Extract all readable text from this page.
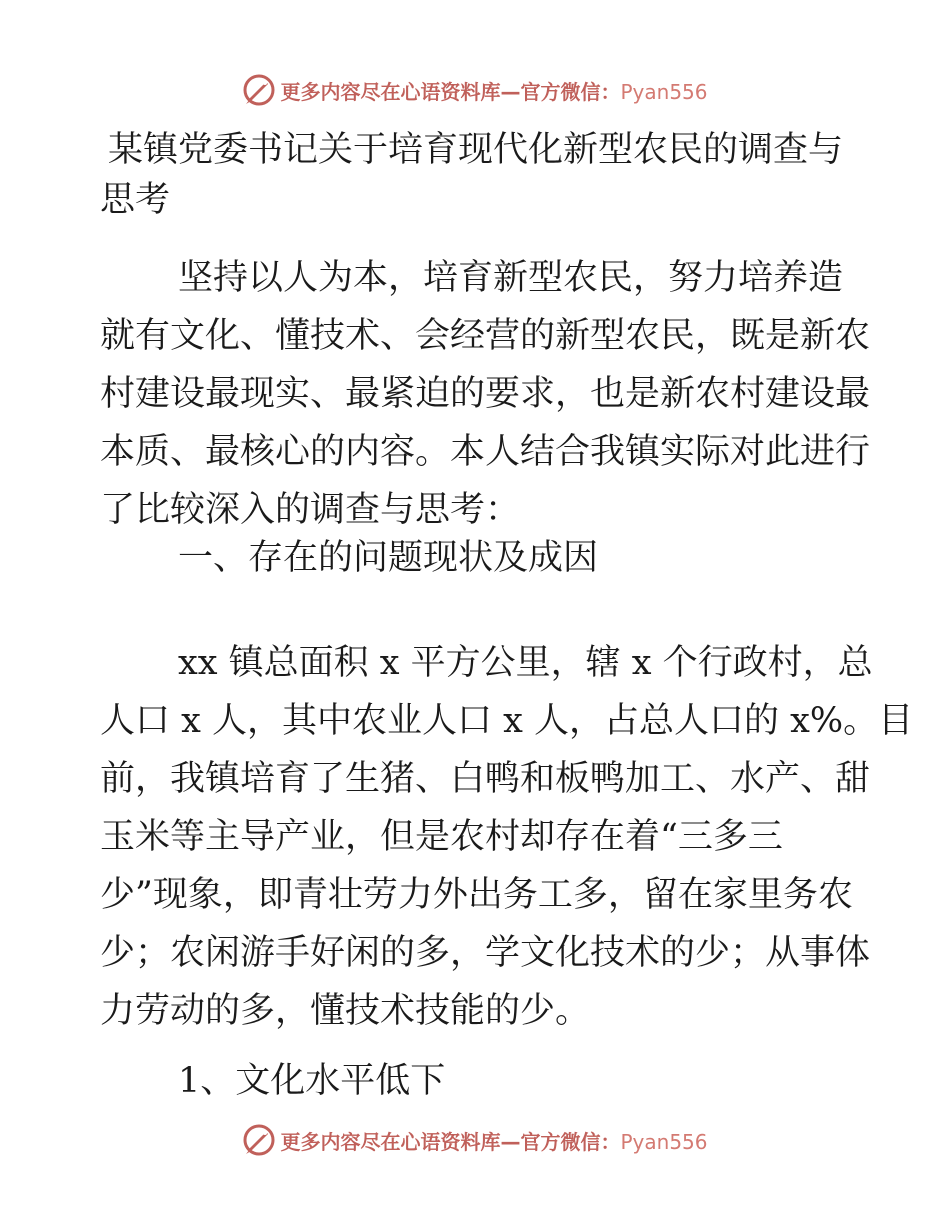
更多内容尽在心语资料库—官方微信：Pyan556
某镇党委书记关于培育现代化新型农民的调查与
思考

坚持以人为本，培育新型农民，努力培养造
就有文化、懂技术、会经营的新型农民，既是新农
村建设最现实、最紧迫的要求，也是新农村建设最
本质、最核心的内容。本人结合我镇实际对此进行
了比较深入的调查与思考：

一、存在的问题现状及成因

xx 镇总面积 x 平方公里，辖 x 个行政村，总
人口 x 人，其中农业人口 x 人，占总人口的 x%。目
前，我镇培育了生猪、白鸭和板鸭加工、水产、甜
玉米等主导产业，但是农村却存在着“三多三
少”现象，即青壮劳力外出务工多，留在家里务农
少；农闲游手好闲的多，学文化技术的少；从事体
力劳动的多，懂技术技能的少。

1、文化水平低下

更多内容尽在心语资料库—官方微信：Pyan556
